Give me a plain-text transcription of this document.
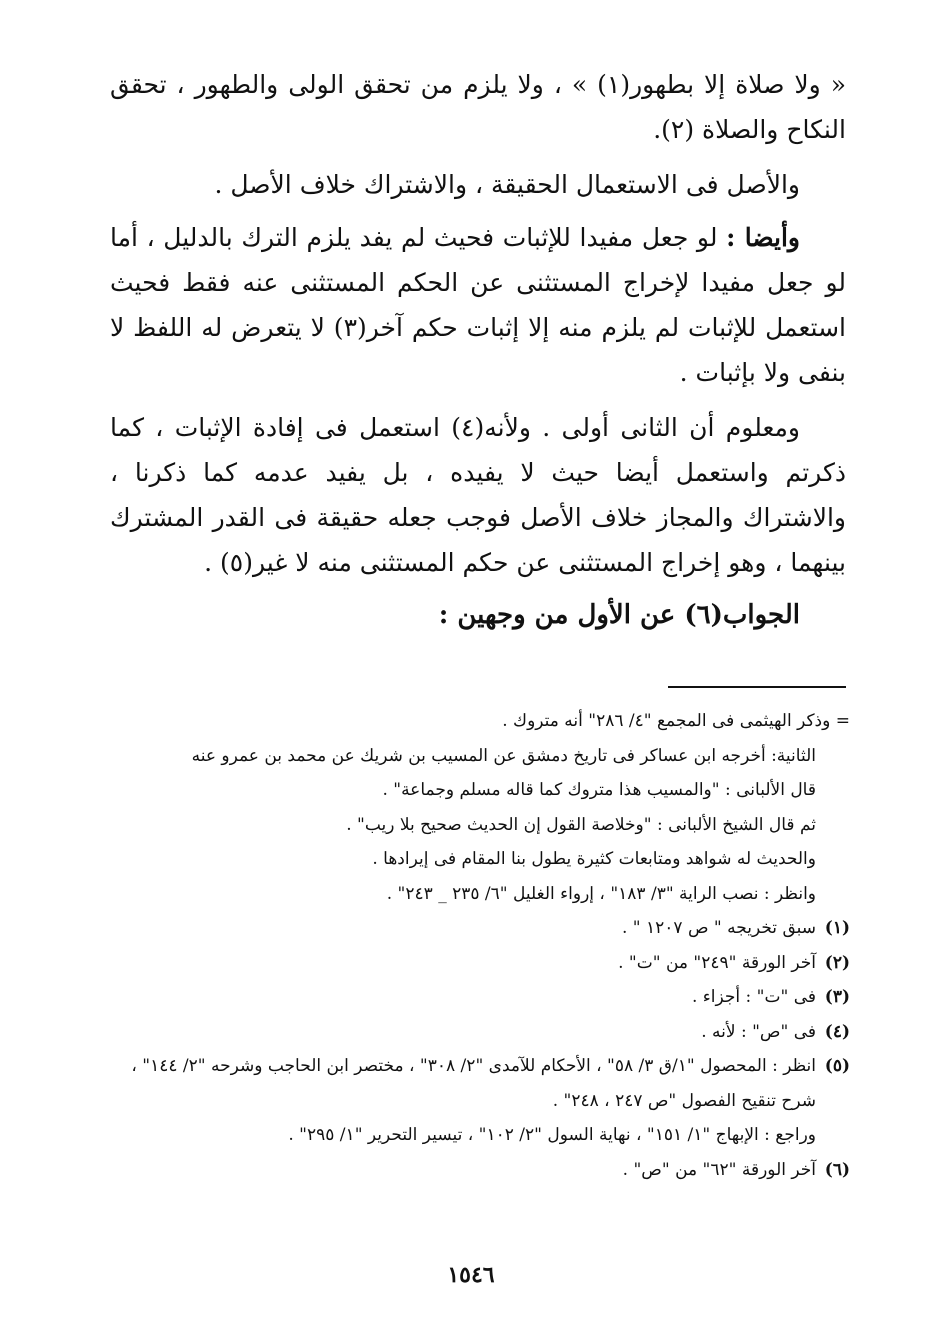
« ولا صلاة إلا بطهور(١) » ، ولا يلزم من تحقق الولى والطهور ، تحقق النكاح والصلاة (٢).

والأصل فى الاستعمال الحقيقة ، والاشتراك خلاف الأصل .

وأيضا : لو جعل مفيدا للإثبات فحيث لم يفد يلزم الترك بالدليل ، أما لو جعل مفيدا لإخراج المستثنى عن الحكم المستثنى عنه فقط فحيث استعمل للإثبات لم يلزم منه إلا إثبات حكم آخر(٣) لا يتعرض له اللفظ لا بنفى ولا بإثبات .

ومعلوم أن الثانى أولى . ولأنه(٤) استعمل فى إفادة الإثبات ، كما ذكرتم واستعمل أيضا حيث لا يفيده ، بل يفيد عدمه كما ذكرنا ، والاشتراك والمجاز خلاف الأصل فوجب جعله حقيقة فى القدر المشترك بينهما ، وهو إخراج المستثنى عن حكم المستثنى منه لا غير(٥) .

الجواب(٦) عن الأول من وجهين :

= وذكر الهيثمى فى المجمع "٤/ ٢٨٦" أنه متروك .

الثانية: أخرجه ابن عساكر فى تاريخ دمشق عن المسيب بن شريك عن محمد بن عمرو عنه

قال الألبانى : "والمسيب هذا متروك كما قاله مسلم وجماعة" .

ثم قال الشيخ الألبانى : "وخلاصة القول إن الحديث صحيح بلا ريب" .

والحديث له شواهد ومتابعات كثيرة يطول بنا المقام فى إيرادها .

وانظر : نصب الراية "٣/ ١٨٣" ، إرواء الغليل "٦/ ٢٣٥ _ ٢٤٣" .

(١)
سبق تخريجه " ص ١٢٠٧ " .
(٢)
آخر الورقة "٢٤٩" من "ت" .
(٣)
فى "ت" : أجزاء .
(٤)
فى "ص" : لأنه .
(٥)
انظر : المحصول "١/ق ٣/ ٥٨" ، الأحكام للآمدى "٢/ ٣٠٨" ، مختصر ابن الحاجب وشرحه "٢/ ١٤٤" ، شرح تنقيح الفصول "ص ٢٤٧ ، ٢٤٨" .
وراجع : الإبهاج "١/ ١٥١" ، نهاية السول "٢/ ١٠٢" ، تيسير التحرير "١/ ٢٩٥" .
(٦)
آخر الورقة "٦٢" من "ص" .
١٥٤٦
